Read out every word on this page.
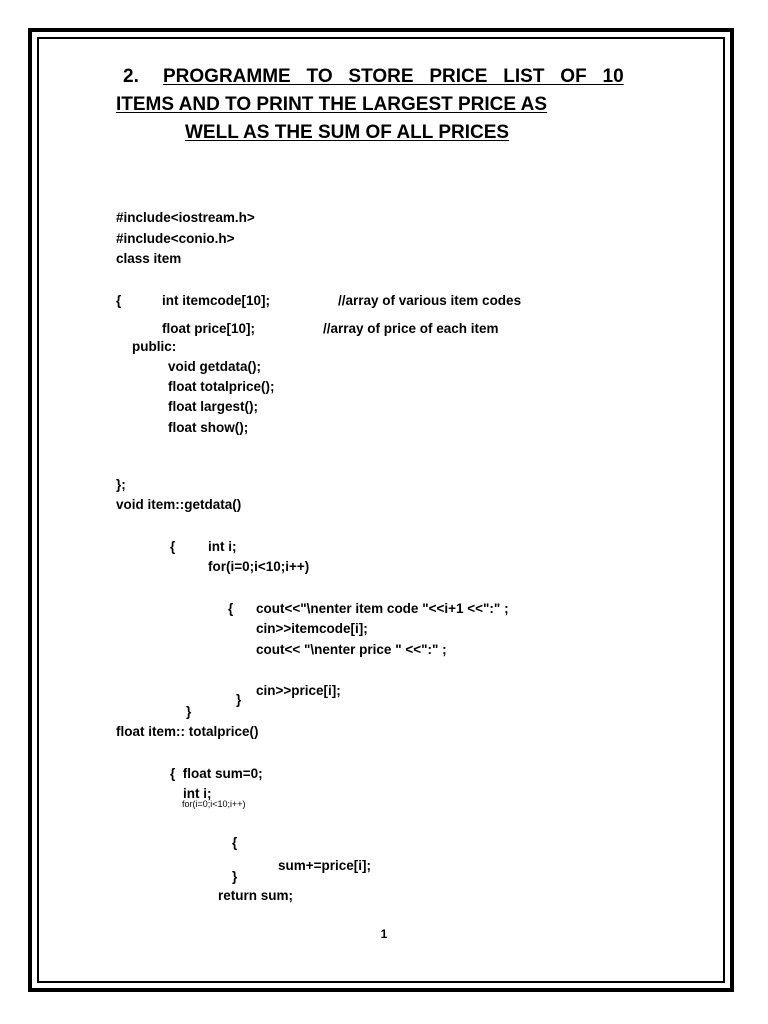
2. PROGRAMME   TO   STORE   PRICE   LIST   OF   10
ITEMS AND TO PRINT THE LARGEST PRICE AS
WELL AS THE SUM OF ALL PRICES
#include<iostream.h>
#include<conio.h>
class item
{	int itemcode[10];	//array of various item codes
float price[10];	//array of price of each item
public:
void getdata();
float totalprice();
float largest();
float show();
};
void item::getdata()
{ int i;
for(i=0;i<10;i++)
{ cout<<"\nenter item code "<<i+1 <<":" ;
cin>>itemcode[i];
cout<< "\nenter price " <<":" ;
cin>>price[i];
}
}
float item:: totalprice()
{  float sum=0;
int i;
for(i=0;i<10;i++)
{
sum+=price[i];
}
return sum;
1
